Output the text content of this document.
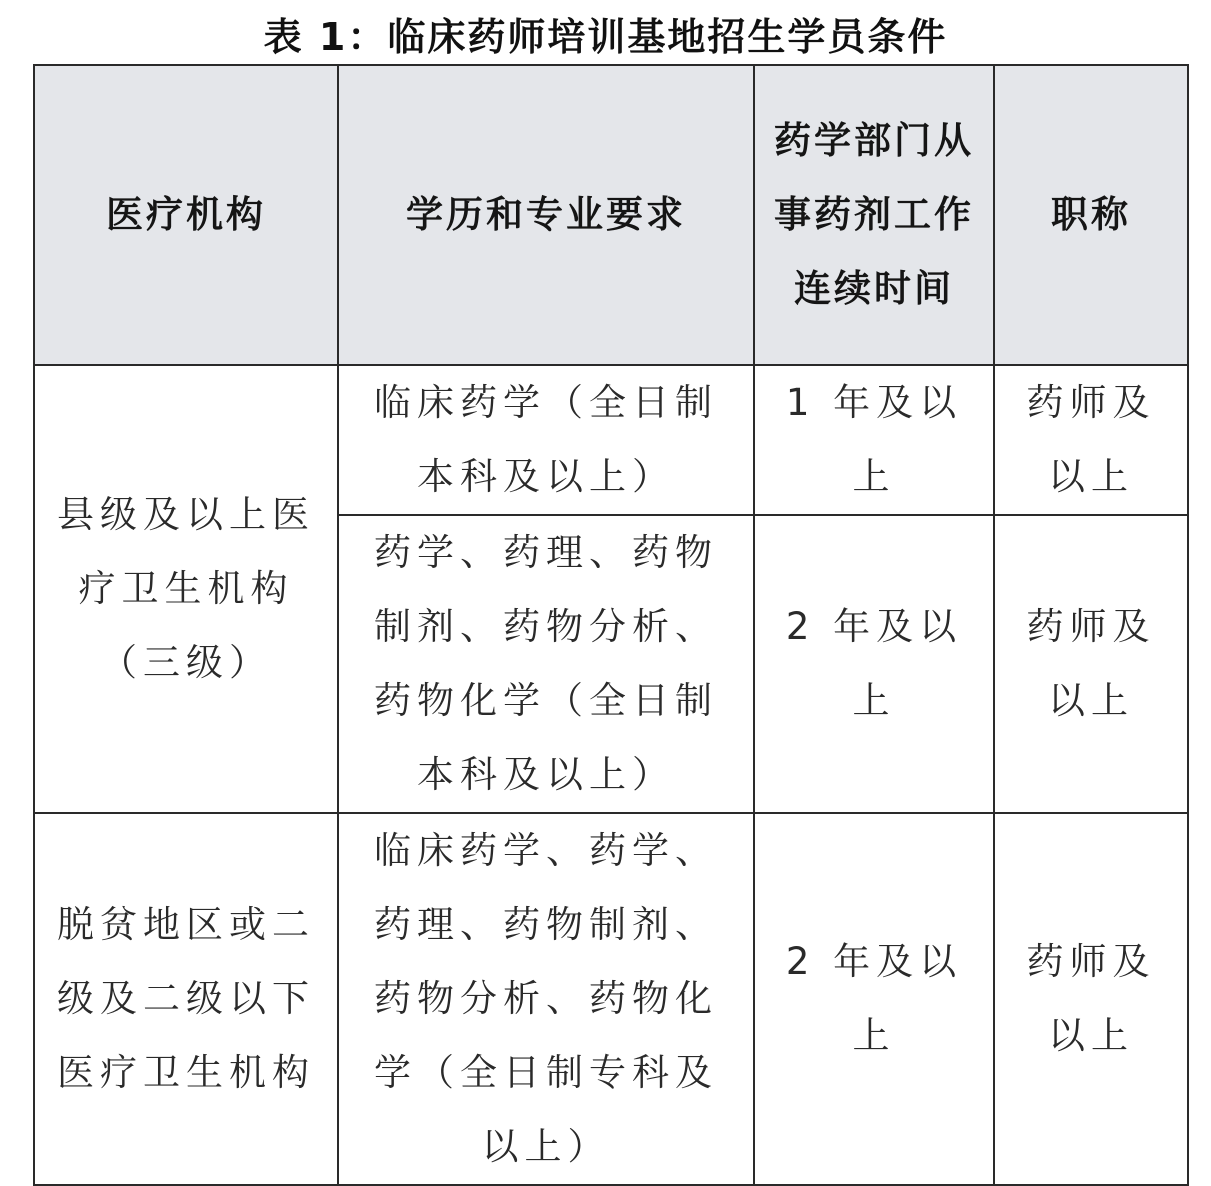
表 1：临床药师培训基地招生学员条件
医疗机构	学历和专业要求	药学部门从事药剂工作连续时间	职称
县级及以上医疗卫生机构（三级）	临床药学（全日制本科及以上）	1 年及以上	药师及以上
	药学、药理、药物制剂、药物分析、药物化学（全日制本科及以上）	2 年及以上	药师及以上
脱贫地区或二级及二级以下医疗卫生机构	临床药学、药学、药理、药物制剂、药物分析、药物化学（全日制专科及以上）	2 年及以上	药师及以上
